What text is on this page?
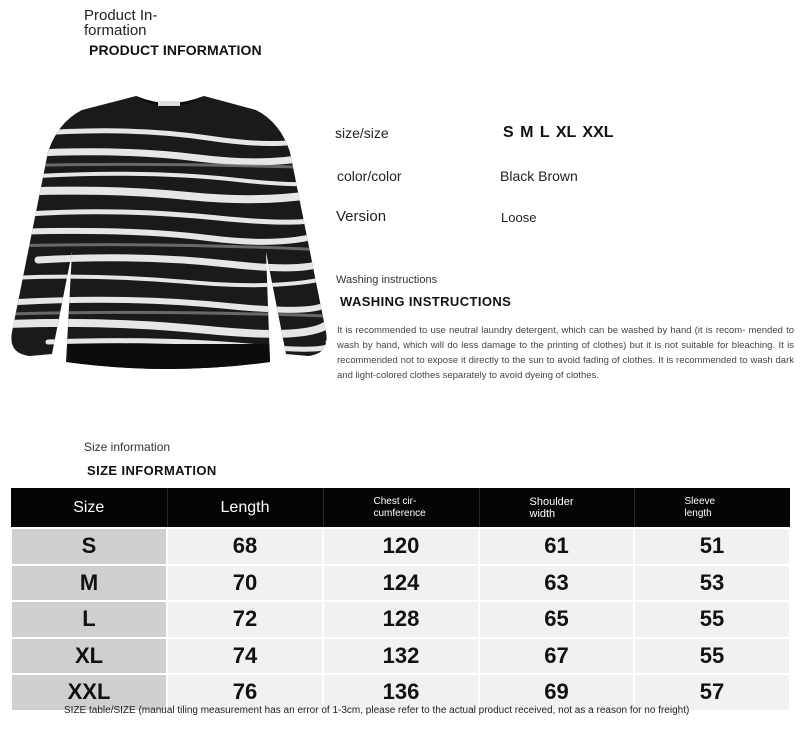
Product In- formation
PRODUCT INFORMATION
size/size	S M L XL XXL
color/color	Black Brown
Version	Loose
Washing instructions
WASHING INSTRUCTIONS
It is recommended to use neutral laundry detergent, which can be washed by hand (it is recom- mended to wash by hand, which will do less damage to the printing of clothes) but it is not suitable for bleaching. It is recommended not to expose it directly to the sun to avoid fading of clothes. It is recommended to wash dark and light-colored clothes separately to avoid dyeing of clothes.
Size information
SIZE INFORMATION
Size	Length	Chest cir- cumference	Shoulder width	Sleeve length

S	68	120	61	51
M	70	124	63	53
L	72	128	65	55
XL	74	132	67	55
XXL	76	136	69	57
SIZE table/SIZE (manual tiling measurement has an error of 1-3cm, please refer to the actual product received, not as a reason for no freight)
